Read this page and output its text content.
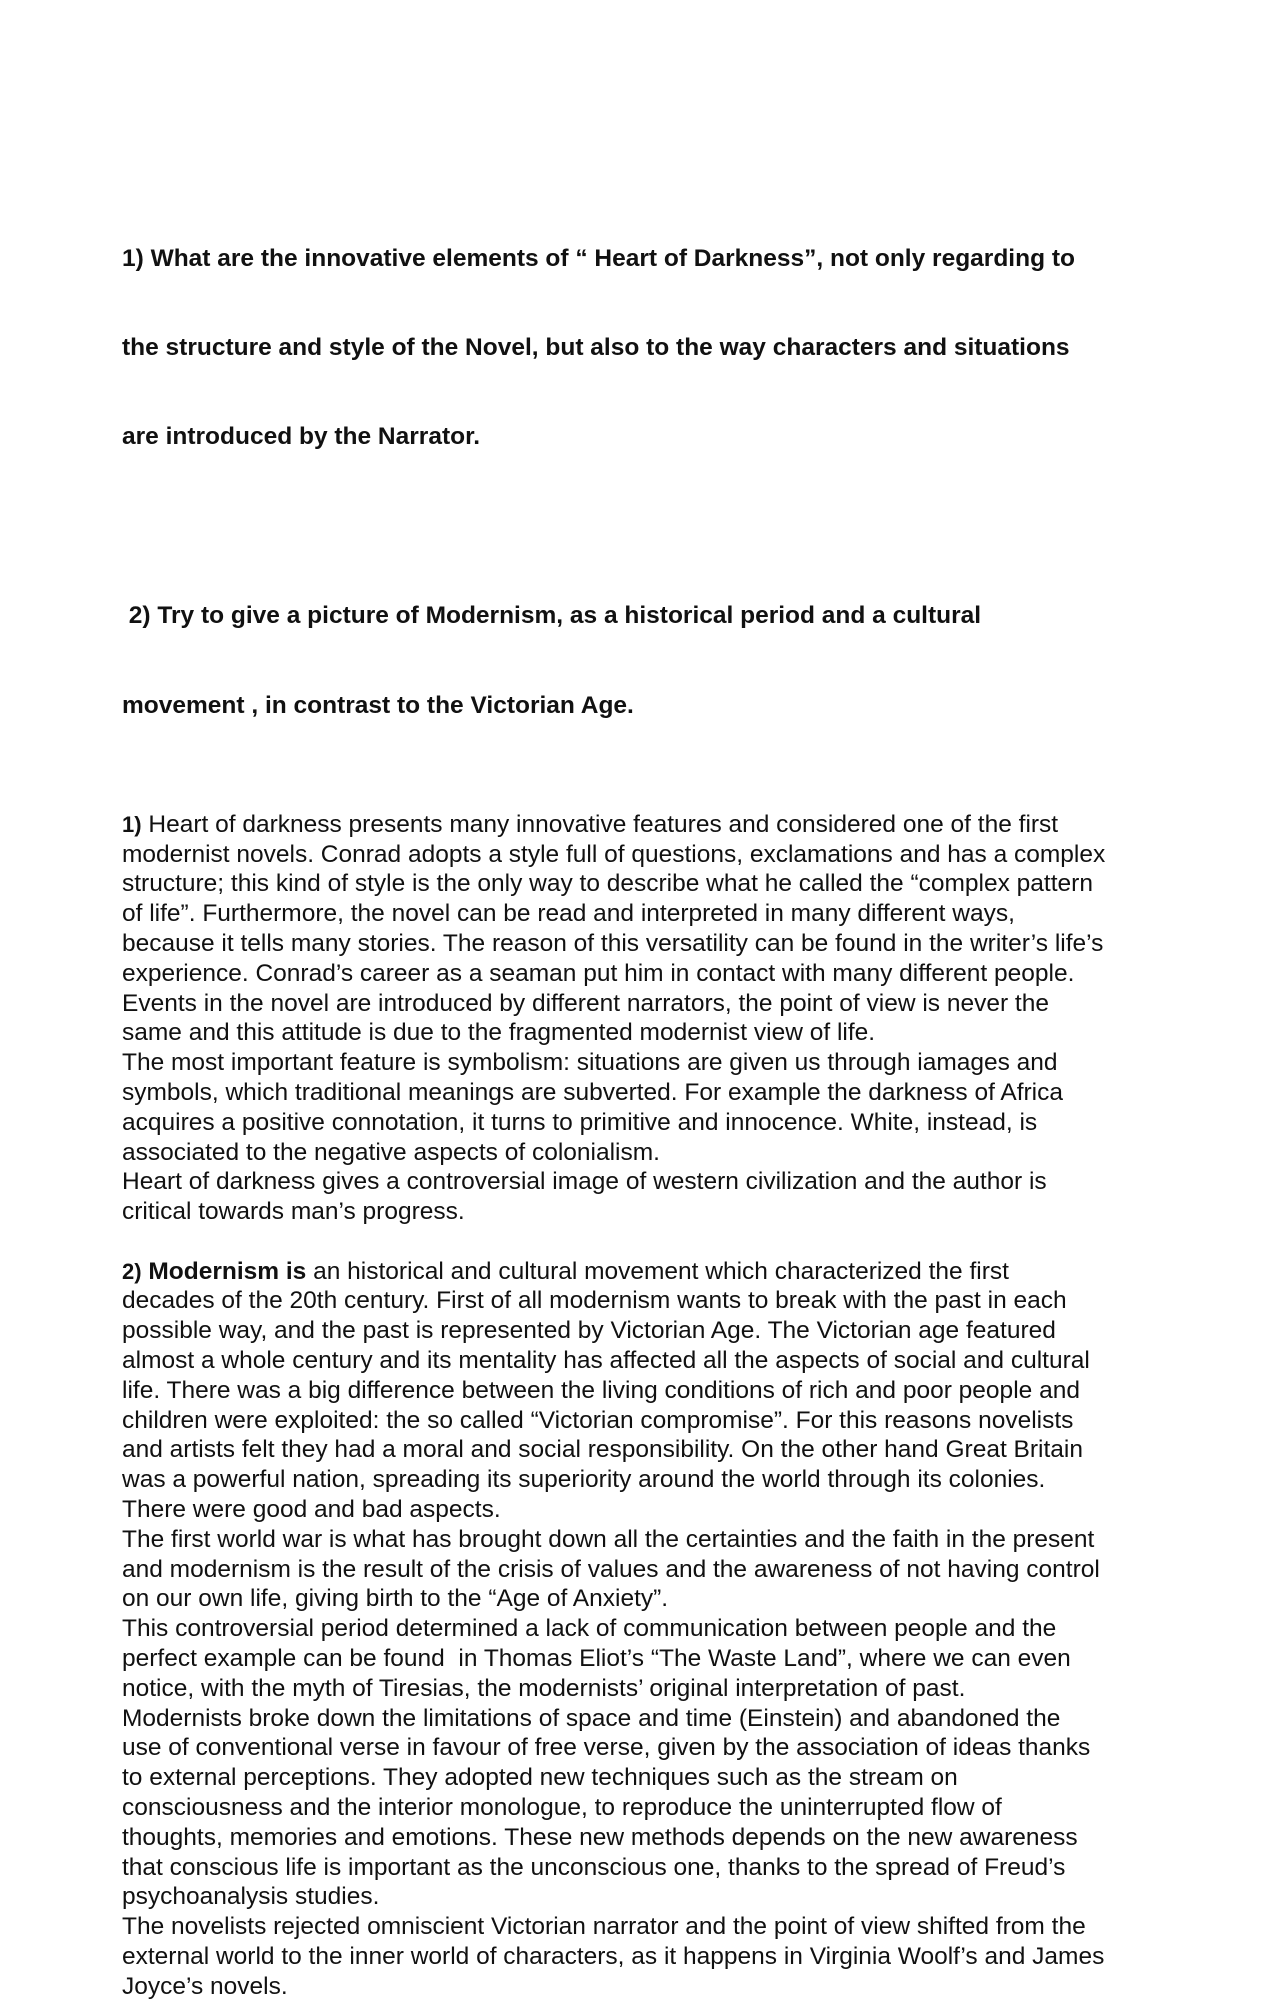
1) What are the innovative elements of “ Heart of Darkness”, not only regarding to

the structure and style of the Novel, but also to the way characters and situations

are introduced by the Narrator.

2) Try to give a picture of Modernism, as a historical period and a cultural

movement , in contrast to the Victorian Age.

1) Heart of darkness presents many innovative features and considered one of the first
modernist novels. Conrad adopts a style full of questions, exclamations and has a complex
structure; this kind of style is the only way to describe what he called the “complex pattern
of life”. Furthermore, the novel can be read and interpreted in many different ways,
because it tells many stories. The reason of this versatility can be found in the writer’s life’s
experience. Conrad’s career as a seaman put him in contact with many different people.
Events in the novel are introduced by different narrators, the point of view is never the
same and this attitude is due to the fragmented modernist view of life.
The most important feature is symbolism: situations are given us through iamages and
symbols, which traditional meanings are subverted. For example the darkness of Africa
acquires a positive connotation, it turns to primitive and innocence. White, instead, is
associated to the negative aspects of colonialism.
Heart of darkness gives a controversial image of western civilization and the author is
critical towards man’s progress.
2) Modernism is an historical and cultural movement which characterized the first
decades of the 20th century. First of all modernism wants to break with the past in each
possible way, and the past is represented by Victorian Age. The Victorian age featured
almost a whole century and its mentality has affected all the aspects of social and cultural
life. There was a big difference between the living conditions of rich and poor people and
children were exploited: the so called “Victorian compromise”. For this reasons novelists
and artists felt they had a moral and social responsibility. On the other hand Great Britain
was a powerful nation, spreading its superiority around the world through its colonies.
There were good and bad aspects.
The first world war is what has brought down all the certainties and the faith in the present
and modernism is the result of the crisis of values and the awareness of not having control
on our own life, giving birth to the “Age of Anxiety”.
This controversial period determined a lack of communication between people and the
perfect example can be found  in Thomas Eliot’s “The Waste Land”, where we can even
notice, with the myth of Tiresias, the modernists’ original interpretation of past.
Modernists broke down the limitations of space and time (Einstein) and abandoned the
use of conventional verse in favour of free verse, given by the association of ideas thanks
to external perceptions. They adopted new techniques such as the stream on
consciousness and the interior monologue, to reproduce the uninterrupted flow of
thoughts, memories and emotions. These new methods depends on the new awareness
that conscious life is important as the unconscious one, thanks to the spread of Freud’s
psychoanalysis studies.
The novelists rejected omniscient Victorian narrator and the point of view shifted from the
external world to the inner world of characters, as it happens in Virginia Woolf’s and James
Joyce’s novels.
